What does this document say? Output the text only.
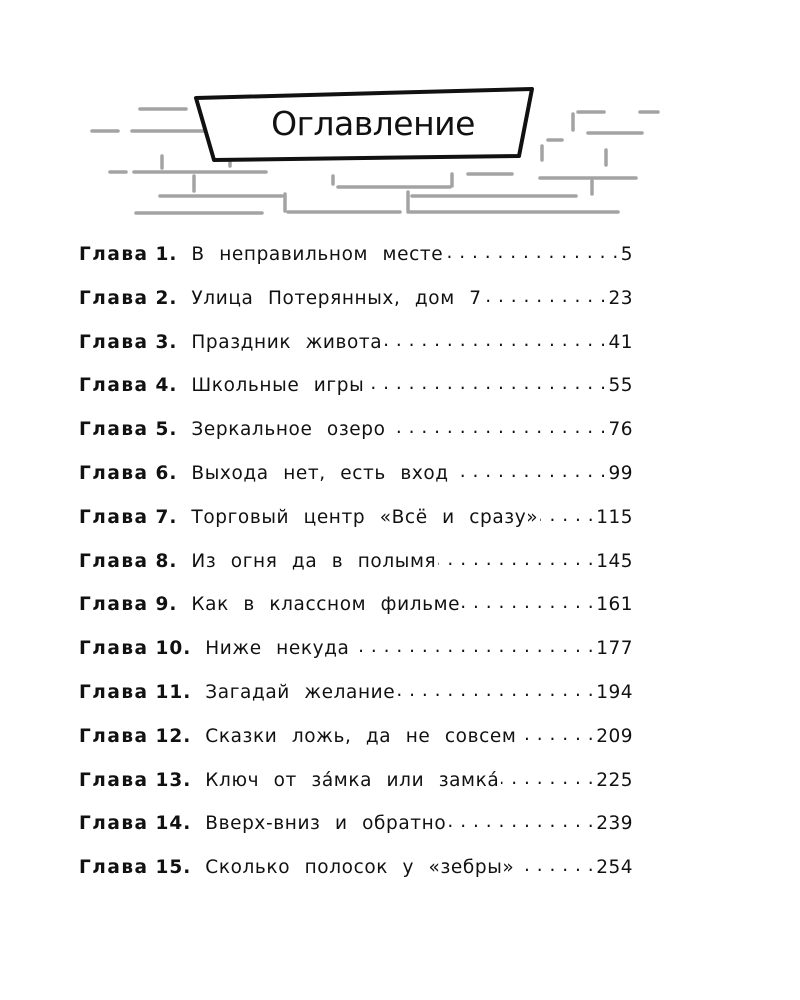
Оглавление
Глава 1. В неправильном месте . . .	5
Глава 2. Улица Потерянных, дом 7 . . .	23
Глава 3. Праздник живота . . .	41
Глава 4. Школьные игры . . .	55
Глава 5. Зеркальное озеро . . .	76
Глава 6. Выхода нет, есть вход . . .	99
Глава 7. Торговый центр «Всё и сразу» . . .	115
Глава 8. Из огня да в полымя . . .	145
Глава 9. Как в классном фильме . . .	161
Глава 10. Ниже некуда . . .	177
Глава 11. Загадай желание . . .	194
Глава 12. Сказки ложь, да не совсем . . .	209
Глава 13. Ключ от за́мка или замка́ . . .	225
Глава 14. Вверх-вниз и обратно . . .	239
Глава 15. Сколько полосок у «зебры» . . .	254
